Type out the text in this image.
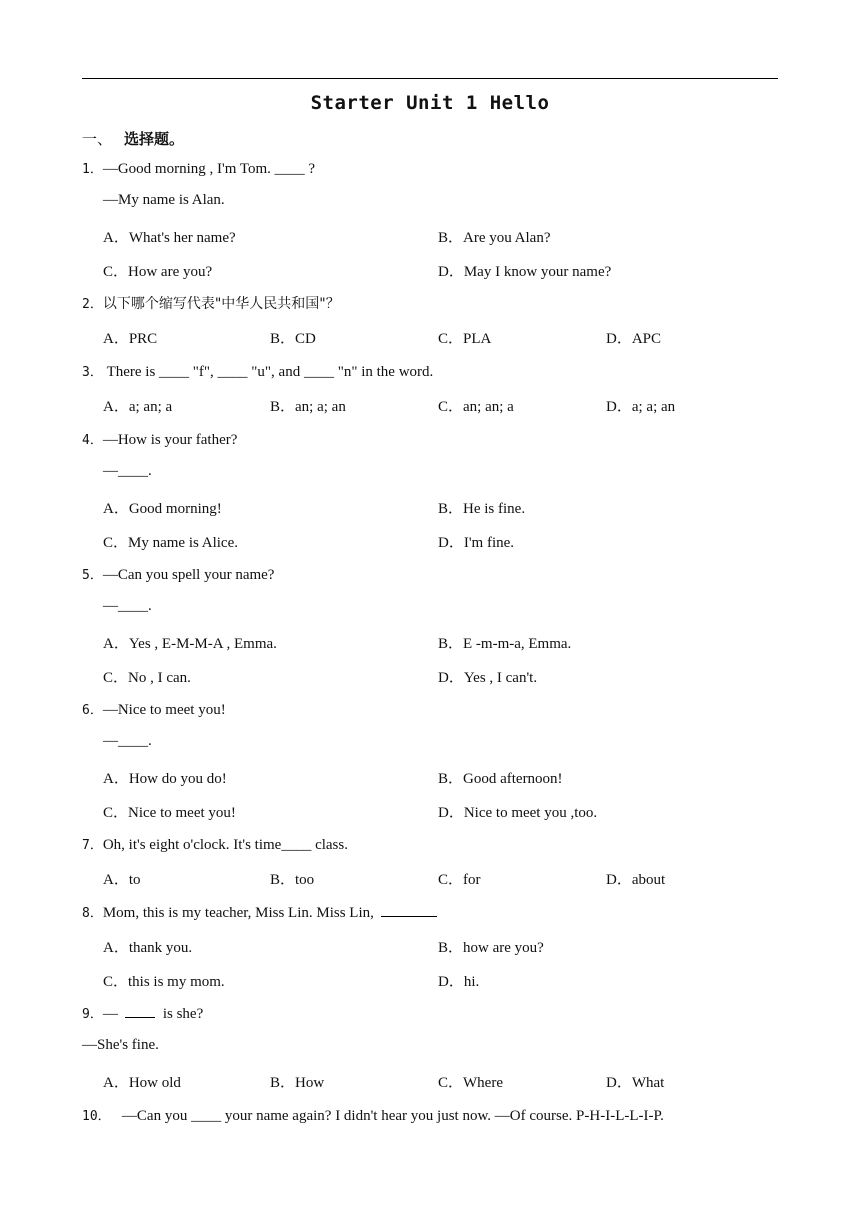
Starter Unit 1 Hello
一、 选择题。
1．—Good morning , I'm Tom. ____ ?
—My name is Alan.
A．What's her name?	B．Are you Alan?
C．How are you?	D．May I know your name?
2．以下哪个缩写代表"中华人民共和国"？
A．PRC	B．CD	C．PLA	D．APC
3． There is ____ "f", ____ "u", and ____ "n" in the word.
A．a; an; a	B．an; a; an	C．an; an; a	D．a; a; an
4．—How is your father?
—____.
A．Good morning!	B．He is fine.
C．My name is Alice.	D．I'm fine.
5．—Can you spell your name?
—____.
A．Yes , E-M-M-A , Emma.	B．E -m-m-a, Emma.
C．No , I can.	D．Yes , I can't.
6．—Nice to meet you!
—____.
A．How do you do!	B．Good afternoon!
C．Nice to meet you!	D．Nice to meet you ,too.
7．Oh, it's eight o'clock. It's time____ class.
A．to	B．too	C．for	D．about
8．Mom, this is my teacher, Miss Lin. Miss Lin,
A．thank you.	B．how are you?
C．this is my mom.	D．hi.
9．—	is she?
—She's fine.
A．How old	B．How	C．Where	D．What
10． —Can you ____ your name again? I didn't hear you just now. —Of course. P-H-I-L-L-I-P.
